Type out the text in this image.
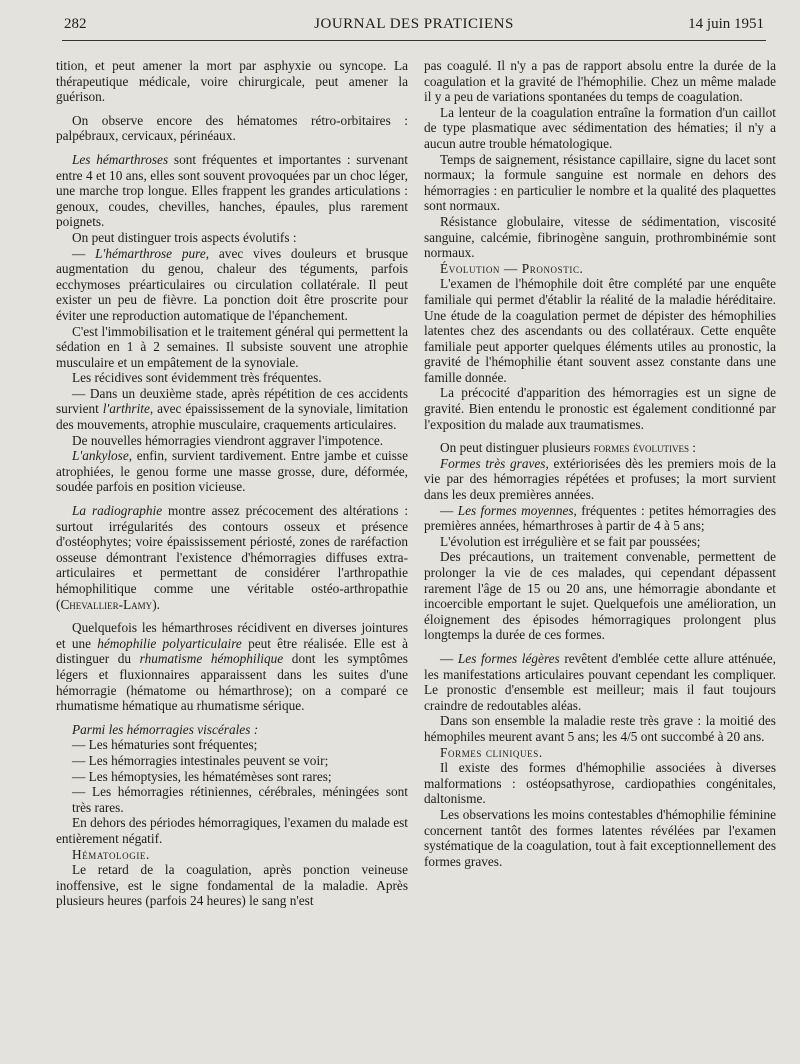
282	JOURNAL DES PRATICIENS	14 juin 1951

tition, et peut amener la mort par asphyxie ou syncope. La thérapeutique médicale, voire chirurgicale, peut amener la guérison.

On observe encore des hématomes rétro-orbitaires : palpébraux, cervicaux, périnéaux.

Les hémarthroses sont fréquentes et importantes : survenant entre 4 et 10 ans, elles sont souvent provoquées par un choc léger, une marche trop longue. Elles frappent les grandes articulations : genoux, coudes, chevilles, hanches, épaules, plus rarement poignets.

On peut distinguer trois aspects évolutifs :

— L'hémarthrose pure, avec vives douleurs et brusque augmentation du genou, chaleur des téguments, parfois ecchymoses préarticulaires ou circulation collatérale. Il peut exister un peu de fièvre. La ponction doit être proscrite pour éviter une reproduction automatique de l'épanchement.

C'est l'immobilisation et le traitement général qui permettent la sédation en 1 à 2 semaines. Il subsiste souvent une atrophie musculaire et un empâtement de la synoviale.

Les récidives sont évidemment très fréquentes.

— Dans un deuxième stade, après répétition de ces accidents survient l'arthrite, avec épaississement de la synoviale, limitation des mouvements, atrophie musculaire, craquements articulaires.

De nouvelles hémorragies viendront aggraver l'impotence.

L'ankylose, enfin, survient tardivement. Entre jambe et cuisse atrophiées, le genou forme une masse grosse, dure, déformée, soudée parfois en position vicieuse.

La radiographie montre assez précocement des altérations : surtout irrégularités des contours osseux et présence d'ostéophytes; voire épaississement périosté, zones de raréfaction osseuse démontrant l'existence d'hémorragies diffuses extra-articulaires et permettant de considérer l'arthropathie hémophilitique comme une véritable ostéo-arthropathie (Chevallier-Lamy).

Quelquefois les hémarthroses récidivent en diverses jointures et une hémophilie polyarticulaire peut être réalisée. Elle est à distinguer du rhumatisme hémophilique dont les symptômes légers et fluxionnaires apparaissent dans les suites d'une hémorragie (hématome ou hémarthrose); on a comparé ce rhumatisme hématique au rhumatisme sérique.

Parmi les hémorragies viscérales :

— Les hématuries sont fréquentes;

— Les hémorragies intestinales peuvent se voir;

— Les hémoptysies, les hématémèses sont rares;

— Les hémorragies rétiniennes, cérébrales, méningées sont très rares.

En dehors des périodes hémorragiques, l'examen du malade est entièrement négatif.

Hématologie.

Le retard de la coagulation, après ponction veineuse inoffensive, est le signe fondamental de la maladie. Après plusieurs heures (parfois 24 heures) le sang n'est

pas coagulé. Il n'y a pas de rapport absolu entre la durée de la coagulation et la gravité de l'hémophilie. Chez un même malade il y a peu de variations spontanées du temps de coagulation.

La lenteur de la coagulation entraîne la formation d'un caillot de type plasmatique avec sédimentation des hématies; il n'y a aucun autre trouble hématologique.

Temps de saignement, résistance capillaire, signe du lacet sont normaux; la formule sanguine est normale en dehors des hémorragies : en particulier le nombre et la qualité des plaquettes sont normaux.

Résistance globulaire, vitesse de sédimentation, viscosité sanguine, calcémie, fibrinogène sanguin, prothrombinémie sont normaux.

Évolution — Pronostic.

L'examen de l'hémophile doit être complété par une enquête familiale qui permet d'établir la réalité de la maladie héréditaire. Une étude de la coagulation permet de dépister des hémophilies latentes chez des ascendants ou des collatéraux. Cette enquête familiale peut apporter quelques éléments utiles au pronostic, la gravité de l'hémophilie étant souvent assez constante dans une famille donnée.

La précocité d'apparition des hémorragies est un signe de gravité. Bien entendu le pronostic est également conditionné par l'exposition du malade aux traumatismes.

On peut distinguer plusieurs formes évolutives :

Formes très graves, extériorisées dès les premiers mois de la vie par des hémorragies répétées et profuses; la mort survient dans les deux premières années.

— Les formes moyennes, fréquentes : petites hémorragies des premières années, hémarthroses à partir de 4 à 5 ans;

L'évolution est irrégulière et se fait par poussées;

Des précautions, un traitement convenable, permettent de prolonger la vie de ces malades, qui cependant dépassent rarement l'âge de 15 ou 20 ans, une hémorragie abondante et incoercible emportant le sujet. Quelquefois une amélioration, un éloignement des épisodes hémorragiques prolongent plus longtemps la durée de ces formes.

— Les formes légères revêtent d'emblée cette allure atténuée, les manifestations articulaires pouvant cependant les compliquer. Le pronostic d'ensemble est meilleur; mais il faut toujours craindre de redoutables aléas.

Dans son ensemble la maladie reste très grave : la moitié des hémophiles meurent avant 5 ans; les 4/5 ont succombé à 20 ans.

Formes cliniques.

Il existe des formes d'hémophilie associées à diverses malformations : ostéopsathyrose, cardiopathies congénitales, daltonisme.

Les observations les moins contestables d'hémophilie féminine concernent tantôt des formes latentes révélées par l'examen systématique de la coagulation, tout à fait exceptionnellement des formes graves.
